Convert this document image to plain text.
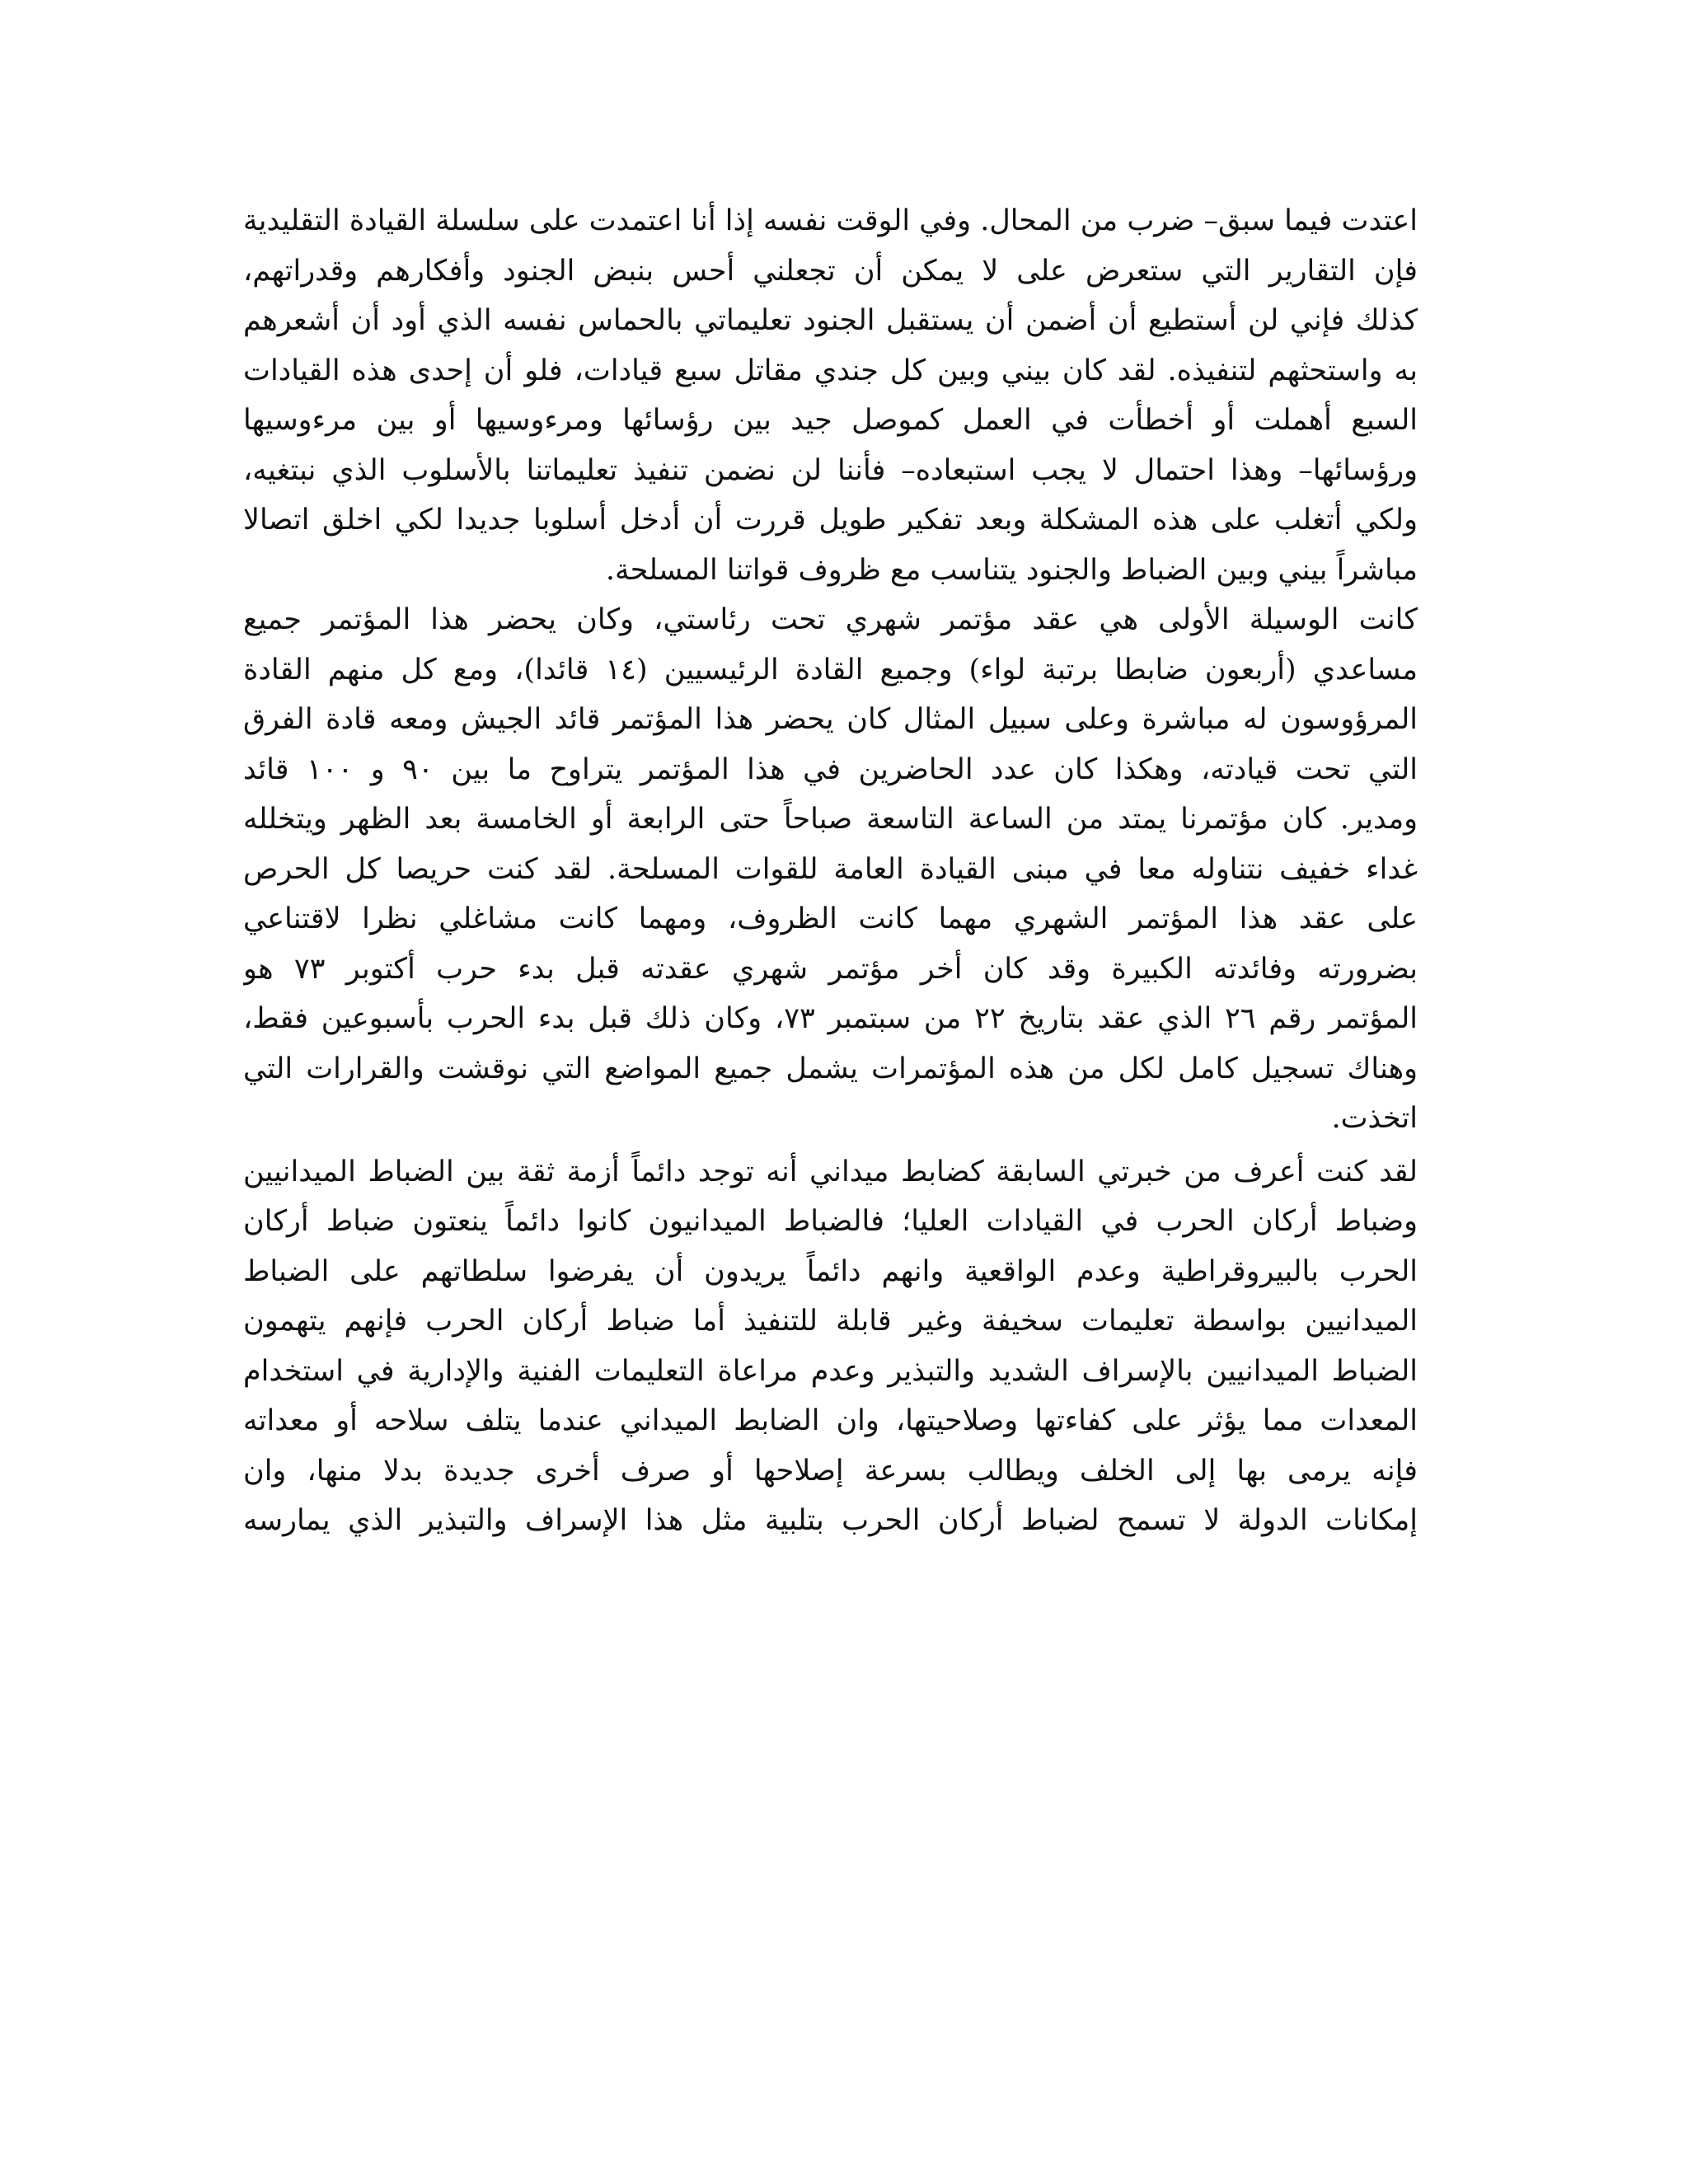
اعتدت فيما سبق– ضرب من المحال. وفي الوقت نفسه إذا أنا اعتمدت على سلسلة القيادة التقليدية
فإن التقارير التي ستعرض على لا يمكن أن تجعلني أحس بنبض الجنود وأفكارهم وقدراتهم،
كذلك فإني لن أستطيع أن أضمن أن يستقبل الجنود تعليماتي بالحماس نفسه الذي أود أن أشعرهم
به واستحثهم لتنفيذه. لقد كان بيني وبين كل جندي مقاتل سبع قيادات، فلو أن إحدى هذه القيادات
السبع أهملت أو أخطأت في العمل كموصل جيد بين رؤسائها ومرءوسيها أو بين مرءوسيها
ورؤسائها– وهذا احتمال لا يجب استبعاده– فأننا لن نضمن تنفيذ تعليماتنا بالأسلوب الذي نبتغيه،
ولكي أتغلب على هذه المشكلة وبعد تفكير طويل قررت أن أدخل أسلوبا جديدا لكي اخلق اتصالا
مباشراً بيني وبين الضباط والجنود يتناسب مع ظروف قواتنا المسلحة.
كانت الوسيلة الأولى هي عقد مؤتمر شهري تحت رئاستي، وكان يحضر هذا المؤتمر جميع
مساعدي (أربعون ضابطا برتبة لواء) وجميع القادة الرئيسيين (١٤ قائدا)، ومع كل منهم القادة
المرؤوسون له مباشرة وعلى سبيل المثال كان يحضر هذا المؤتمر قائد الجيش ومعه قادة الفرق
التي تحت قيادته، وهكذا كان عدد الحاضرين في هذا المؤتمر يتراوح ما بين ٩٠ و ١٠٠ قائد
ومدير. كان مؤتمرنا يمتد من الساعة التاسعة صباحاً حتى الرابعة أو الخامسة بعد الظهر ويتخلله
غداء خفيف نتناوله معا في مبنى القيادة العامة للقوات المسلحة. لقد كنت حريصا كل الحرص
على عقد هذا المؤتمر الشهري مهما كانت الظروف، ومهما كانت مشاغلي نظرا لاقتناعي
بضرورته وفائدته الكبيرة وقد كان أخر مؤتمر شهري عقدته قبل بدء حرب أكتوبر ٧٣ هو
المؤتمر رقم ٢٦ الذي عقد بتاريخ ٢٢ من سبتمبر ٧٣، وكان ذلك قبل بدء الحرب بأسبوعين فقط،
وهناك تسجيل كامل لكل من هذه المؤتمرات يشمل جميع المواضع التي نوقشت والقرارات التي
اتخذت.
لقد كنت أعرف من خبرتي السابقة كضابط ميداني أنه توجد دائماً أزمة ثقة بين الضباط الميدانيين
وضباط أركان الحرب في القيادات العليا؛ فالضباط الميدانيون كانوا دائماً ينعتون ضباط أركان
الحرب بالبيروقراطية وعدم الواقعية وانهم دائماً يريدون أن يفرضوا سلطاتهم على الضباط
الميدانيين بواسطة تعليمات سخيفة وغير قابلة للتنفيذ أما ضباط أركان الحرب فإنهم يتهمون
الضباط الميدانيين بالإسراف الشديد والتبذير وعدم مراعاة التعليمات الفنية والإدارية في استخدام
المعدات مما يؤثر على كفاءتها وصلاحيتها، وان الضابط الميداني عندما يتلف سلاحه أو معداته
فإنه يرمى بها إلى الخلف ويطالب بسرعة إصلاحها أو صرف أخرى جديدة بدلا منها، وان
إمكانات الدولة لا تسمح لضباط أركان الحرب بتلبية مثل هذا الإسراف والتبذير الذي يمارسه
